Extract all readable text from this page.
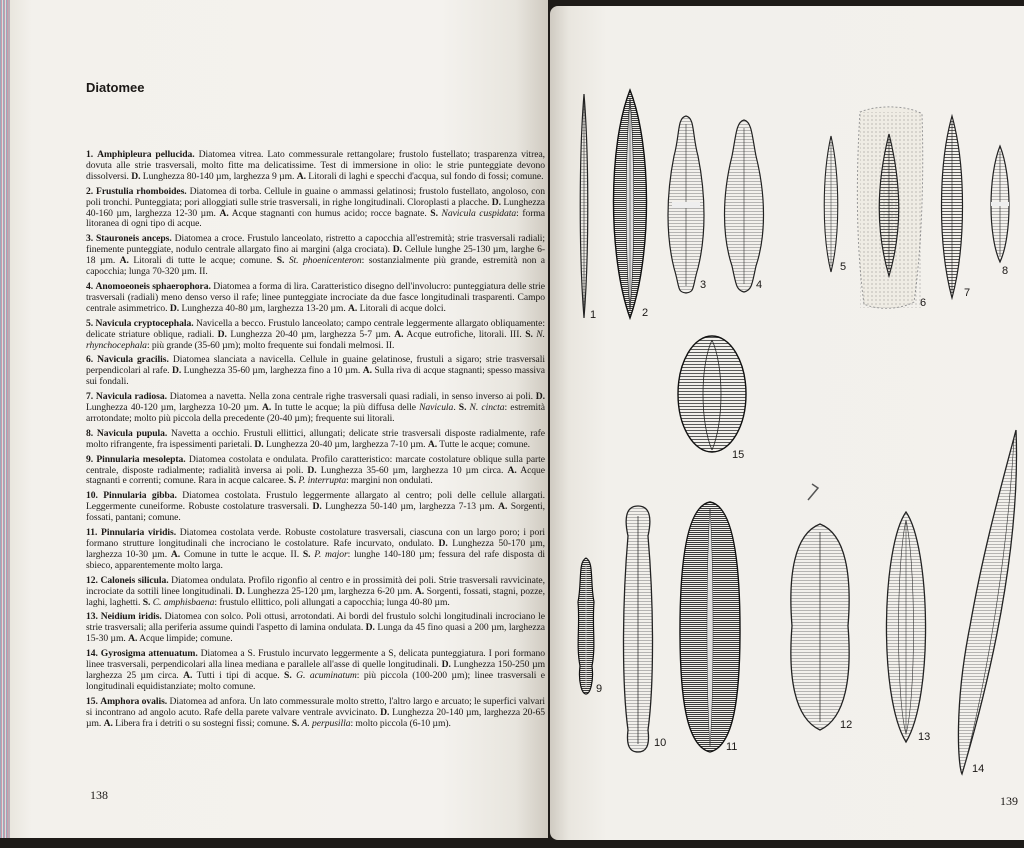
Diatomee

1. Amphipleura pellucida. Diatomea vitrea. Lato commessurale rettangolare; frustolo fustellato; trasparenza vitrea, dovuta alle strie trasversali, molto fitte ma delicatissime. Test di immersione in olio: le strie punteggiate devono dissolversi. D. Lunghezza 80-140 µm, larghezza 9 µm. A. Litorali di laghi e specchi d'acqua, sul fondo di fossi; comune.

2. Frustulia rhomboides. Diatomea di torba. Cellule in guaine o ammassi gelatinosi; frustolo fustellato, angoloso, con poli tronchi. Punteggiata; pori alloggiati sulle strie trasversali, in righe longitudinali. Cloroplasti a placche. D. Lunghezza 40-160 µm, larghezza 12-30 µm. A. Acque stagnanti con humus acido; rocce bagnate. S. Navicula cuspidata: forma litoranea di ogni tipo di acque.

3. Stauroneis anceps. Diatomea a croce. Frustulo lanceolato, ristretto a capocchia all'estremità; strie trasversali radiali; finemente punteggiate, nodulo centrale allargato fino ai margini (alga crociata). D. Cellule lunghe 25-130 µm, larghe 6-18 µm. A. Litorali di tutte le acque; comune. S. St. phoenicenteron: sostanzialmente più grande, estremità non a capocchia; lunga 70-320 µm. II.

4. Anomoeoneis sphaerophora. Diatomea a forma di lira. Caratteristico disegno dell'involucro: punteggiatura delle strie trasversali (radiali) meno denso verso il rafe; linee punteggiate incrociate da due fasce longitudinali trasparenti. Campo centrale asimmetrico. D. Lunghezza 40-80 µm, larghezza 13-20 µm. A. Litorali di acque dolci.

5. Navicula cryptocephala. Navicella a becco. Frustulo lanceolato; campo centrale leggermente allargato obliquamente: delicate striature oblique, radiali. D. Lunghezza 20-40 µm, larghezza 5-7 µm. A. Acque eutrofiche, litorali. III. S. N. rhynchocephala: più grande (35-60 µm); molto frequente sui fondali melmosi. II.

6. Navicula gracilis. Diatomea slanciata a navicella. Cellule in guaine gelatinose, frustuli a sigaro; strie trasversali perpendicolari al rafe. D. Lunghezza 35-60 µm, larghezza fino a 10 µm. A. Sulla riva di acque stagnanti; spesso massiva sui fondali.

7. Navicula radiosa. Diatomea a navetta. Nella zona centrale righe trasversali quasi radiali, in senso inverso ai poli. D. Lunghezza 40-120 µm, larghezza 10-20 µm. A. In tutte le acque; la più diffusa delle Navicula. S. N. cincta: estremità arrotondate; molto più piccola della precedente (20-40 µm); frequente sui litorali.

8. Navicula pupula. Navetta a occhio. Frustuli ellittici, allungati; delicate strie trasversali disposte radialmente, rafe molto rifrangente, fra ispessimenti parietali. D. Lunghezza 20-40 µm, larghezza 7-10 µm. A. Tutte le acque; comune.

9. Pinnularia mesolepta. Diatomea costolata e ondulata. Profilo caratteristico: marcate costolature oblique sulla parte centrale, disposte radialmente; radialità inversa ai poli. D. Lunghezza 35-60 µm, larghezza 10 µm circa. A. Acque stagnanti e correnti; comune. Rara in acque calcaree. S. P. interrupta: margini non ondulati.

10. Pinnularia gibba. Diatomea costolata. Frustulo leggermente allargato al centro; poli delle cellule allargati. Leggermente cuneiforme. Robuste costolature trasversali. D. Lunghezza 50-140 µm, larghezza 7-13 µm. A. Sorgenti, fossati, pantani; comune.

11. Pinnularia viridis. Diatomea costolata verde. Robuste costolature trasversali, ciascuna con un largo poro; i pori formano strutture longitudinali che incrociano le costolature. Rafe incurvato, ondulato. D. Lunghezza 50-170 µm, larghezza 10-30 µm. A. Comune in tutte le acque. II. S. P. major: lunghe 140-180 µm; fessura del rafe disposta di sbieco, apparentemente molto larga.

12. Caloneis silicula. Diatomea ondulata. Profilo rigonfio al centro e in prossimità dei poli. Strie trasversali ravvicinate, incrociate da sottili linee longitudinali. D. Lunghezza 25-120 µm, larghezza 6-20 µm. A. Sorgenti, fossati, stagni, pozze, laghi, laghetti. S. C. amphisbaena: frustulo ellittico, poli allungati a capocchia; lunga 40-80 µm.

13. Neidium iridis. Diatomea con solco. Poli ottusi, arrotondati. Ai bordi del frustulo solchi longitudinali incrociano le strie trasversali; alla periferia assume quindi l'aspetto di lamina ondulata. D. Lunga da 45 fino quasi a 200 µm, larghezza 15-30 µm. A. Acque limpide; comune.

14. Gyrosigma attenuatum. Diatomea a S. Frustulo incurvato leggermente a S, delicata punteggiatura. I pori formano linee trasversali, perpendicolari alla linea mediana e parallele all'asse di quelle longitudinali. D. Lunghezza 150-250 µm larghezza 25 µm circa. A. Tutti i tipi di acque. S. G. acuminatum: più piccola (100-200 µm); linee trasversali e longitudinali equidistanziate; molto comune.

15. Amphora ovalis. Diatomea ad anfora. Un lato commessurale molto stretto, l'altro largo e arcuato; le superfici valvari si incontrano ad angolo acuto. Rafe della parete valvare ventrale avvicinato. D. Lunghezza 20-140 µm, larghezza 20-65 µm. A. Libera fra i detriti o su sostegni fissi; comune. S. A. perpusilla: molto piccola (6-10 µm).

138
1	2
3	4
5
6
7
8
9
10	11
12
13
14
15
139
